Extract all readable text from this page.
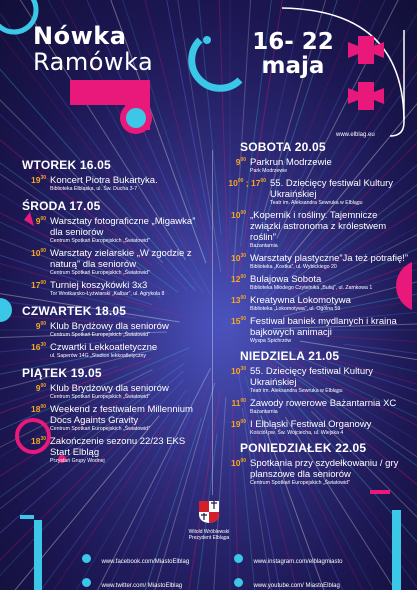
Nówka
Ramówka
16- 22
maja
www.elblag.eu
WTOREK 16.05
$19^{30}$ Koncert Piotra Bukartyka.
Biblioteka Elbląska, ul. Św. Ducha 3-7
ŚRODA 17.05
$9^{00}$ Warsztaty fotograficzne „Migawka” dla seniorów
Centrum Spotkań Europejskich „Światowid”
$10^{00}$ Warsztaty zielarskie „W zgodzie z naturą” dla seniorów
Centrum Spotkań Europejskich „Światowid”
$17^{00}$ Turniej koszykówki 3x3
Tor Wrotkarsko-Łyżwiarski „Kalbar”, ul. Agrykola 8
CZWARTEK 18.05
$9^{00}$ Klub Brydżowy dla seniorów
Centrum Spotkań Europejskich „Światowid”
$16^{30}$ Czwartki Lekkoatletyczne
ul. Saperów 14G „Stadion lekkoatletyczny
PIĄTEK 19.05
$9^{00}$ Klub Brydżowy dla seniorów
Centrum Spotkań Europejskich „Światowid”
$18^{00}$ Weekend z festiwalem Millennium Docs Againts Gravity
Centrum Spotkań Europejskich „Światowid”
$18^{30}$ Zakończenie sezonu 22/23 EKS Start Elbląg
Przystań Grupy Wodnej
SOBOTA 20.05
$9^{00}$ Parkrun Modrzewie
Park Modrzewie
$10^{00}$ ; $17^{00}$ 55. Dziecięcy festiwal Kultury Ukraińskiej
Teatr im. Aleksandra Sewruka w Elblągu
$10^{00}$ „Kopernik i rośliny. Tajemnicze związki astronoma z królestwem roślin”
Bażantarnia
$10^{30}$ Warsztaty plastyczne”Ja też potrafię!”
Biblioteka „Kostka”, ul. Wybickiego 20
$12^{00}$ Bulajowa Sobota
Biblioteka Młodego Czytelnika „Bulaj”, ul. Zamkowa 1
$13^{00}$ Kreatywna Lokomotywa
Biblioteka „Lokomotywa”, ul. Ogólna 59
$15^{00}$ Festiwal baniek mydlanych i kraina bajkowych animacji
Wyspa Spichrzów
NIEDZIELA 21.05
$10^{30}$ 55. Dziecięcy festiwal Kultury Ukraińskiej
Teatr im. Aleksandra Sewruka w Elblągu
$11^{00}$ Zawody rowerowe Bażantarnia XC
Bażantarnia
$19^{00}$ I Elbląski Festiwal Organowy
Kościół pw. Św. Wojciecha, ul. Wiejska 4
PONIEDZIAŁEK 22.05
$10^{00}$ Spotkania przy szydełkowaniu / gry planszowe dla seniorów
Centrum Spotkań Europejskich „Światowid”
Witold Wróblewski
Prezydent Elbląga
www.facebook.com/MiastoElblag	www.instagram.com/elblagmiasto
www.twitter.com/ MiastoElblag	www.youtube.com/ MiastoElblag
